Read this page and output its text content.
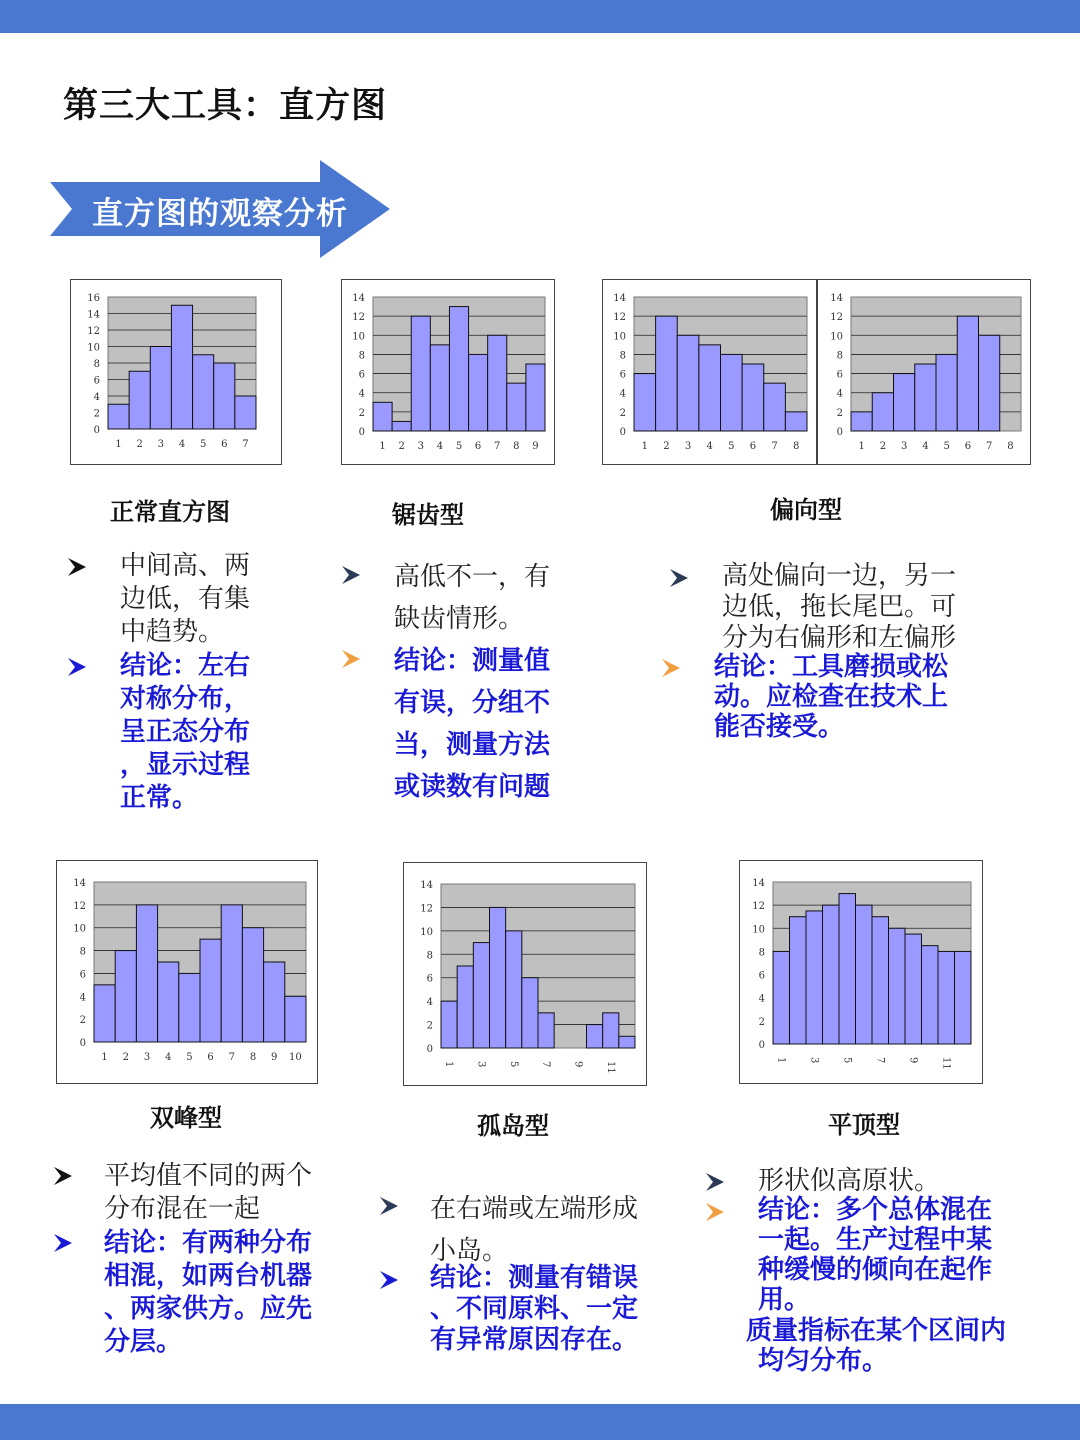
第三大工具：直方图
直方图的观察分析
0
2
4
6
8
10
12
14
16
1 2 3 4 5 6 7
0
2
4
6
8
10
12
14
1 2 3 4 5 6 7 8 9
0
2
4
6
8
10
12
14
1 2 3 4 5 6 7 8
0
2
4
6
8
10
12
14
1 2 3 4 5 6 7 8
0
2
4
6
8
10
12
14
1 2 3 4 5 6 7 8 9 10
0
2
4
6
8
10
12
14
1 3 5 7 9 11
0
2
4
6
8
10
12
14
1 3 5 7 9 11
正常直方图	锯齿型	偏向型
双峰型	孤岛型	平顶型
中间高、两
边低，有集
中趋势。
结论：左右
对称分布，
呈正态分布
，显示过程
正常。
高低不一，有
缺齿情形。
结论：测量值
有误，分组不
当，测量方法
或读数有问题
高处偏向一边，另一
边低，拖长尾巴。可
分为右偏形和左偏形
结论：工具磨损或松
动。应检查在技术上
能否接受。
平均值不同的两个
分布混在一起
结论：有两种分布
相混，如两台机器
、两家供方。应先
分层。
在右端或左端形成
小岛。
结论：测量有错误
、不同原料、一定
有异常原因存在。
形状似高原状。
结论：多个总体混在
一起。生产过程中某
种缓慢的倾向在起作
用。
质量指标在某个区间内
均匀分布。
